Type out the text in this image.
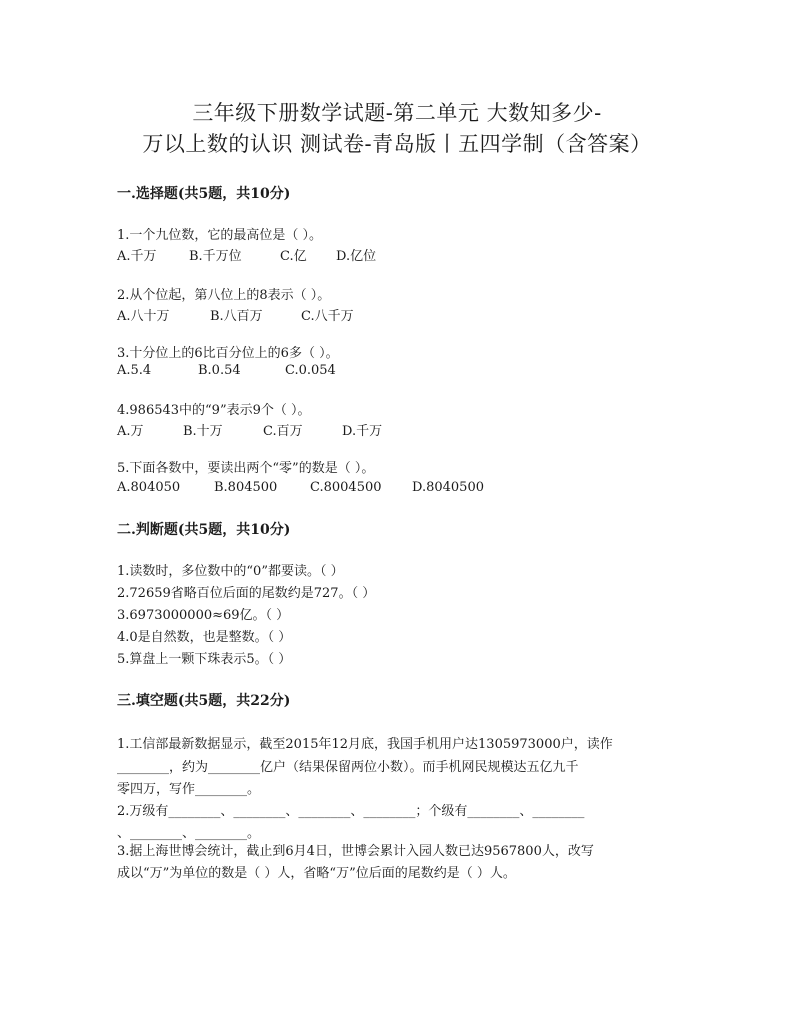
三年级下册数学试题-第二单元 大数知多少-
万以上数的认识 测试卷-青岛版丨五四学制（含答案）
一.选择题(共5题，共10分)
1.一个九位数，它的最高位是（ ）。
A.千万 B.千万位	C.亿 D.亿位
2.从个位起，第八位上的8表示（ ）。
A.八十万	B.八百万	C.八千万
3.十分位上的6比百分位上的6多（ ）。
A.5.4	B.0.54	C.0.054
4.986543中的“9”表示9个（ ）。
A.万	B.十万	C.百万	D.千万
5.下面各数中，要读出两个“零”的数是（ ）。
A.804050	B.804500	C.8004500 D.8040500
二.判断题(共5题，共10分)
1.读数时，多位数中的“0”都要读。（ ）
2.72659省略百位后面的尾数约是727。（ ）
3.6973000000≈69亿。（ ）
4.0是自然数，也是整数。（ ）
5.算盘上一颗下珠表示5。（ ）
三.填空题(共5题，共22分)
1.工信部最新数据显示，截至2015年12月底，我国手机用户达1305973000户，读作
________，约为________亿户（结果保留两位小数）。而手机网民规模达五亿九千
零四万，写作________。
2.万级有________、________、________、________；个级有________、________
、________、________。
3.据上海世博会统计，截止到6月4日，世博会累计入园人数已达9567800人，改写
成以“万”为单位的数是（ ）人，省略“万”位后面的尾数约是（ ）人。
